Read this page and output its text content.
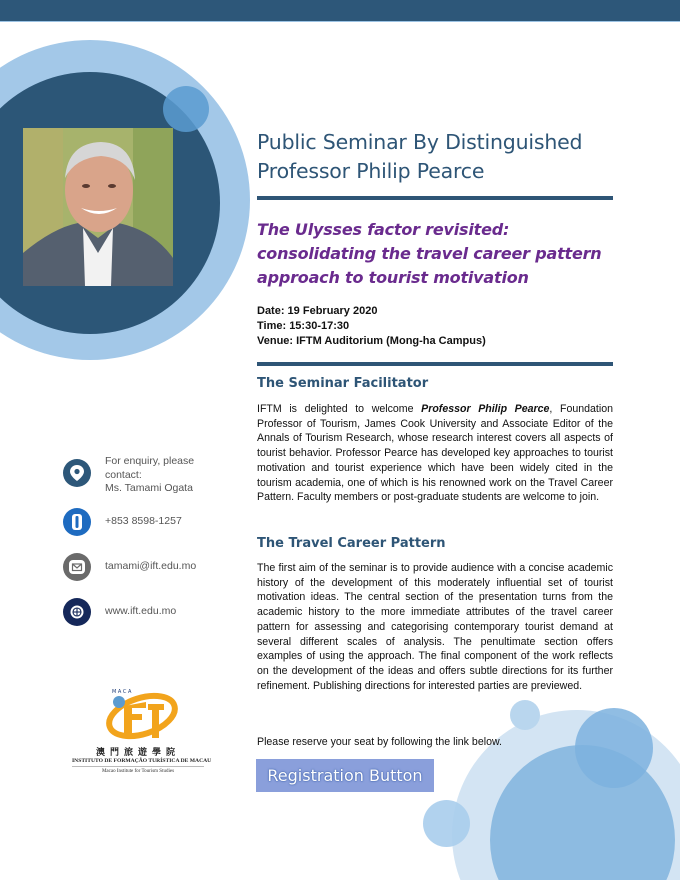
Public Seminar By Distinguished
Professor Philip Pearce
The Ulysses factor revisited:
consolidating the travel career pattern
approach to tourist motivation
Date: 19 February 2020
Time: 15:30-17:30
Venue: IFTM Auditorium (Mong-ha Campus)
The Seminar Facilitator

IFTM is delighted to welcome Professor Philip Pearce, Foundation Professor of Tourism, James Cook University and Associate Editor of the Annals of Tourism Research, whose research interest covers all aspects of tourist behavior. Professor Pearce has developed key approaches to tourist motivation and tourist experience which have been widely cited in the tourism academia, one of which is his renowned work on the Travel Career Pattern. Faculty members or post-graduate students are welcome to join.

The Travel Career Pattern

The first aim of the seminar is to provide audience with a concise academic history of the development of this moderately influential set of tourist motivation ideas. The central section of the presentation turns from the academic history to the more immediate attributes of the travel career pattern for assessing and categorising contemporary tourist demand at several different scales of analysis. The penultimate section offers examples of using the approach. The final component of the work reflects on the development of the ideas and offers subtle directions for its further refinement. Publishing directions for interested parties are previewed.

Please reserve your seat by following the link below.
Registration Button
For enquiry, please
contact:
Ms. Tamami Ogata
+853 8598-1257
tamami@ift.edu.mo
www.ift.edu.mo
M A C A
澳門旅遊學院
INSTITUTO DE FORMAÇÃO TURÍSTICA DE MACAU
Macao Institute for Tourism Studies
